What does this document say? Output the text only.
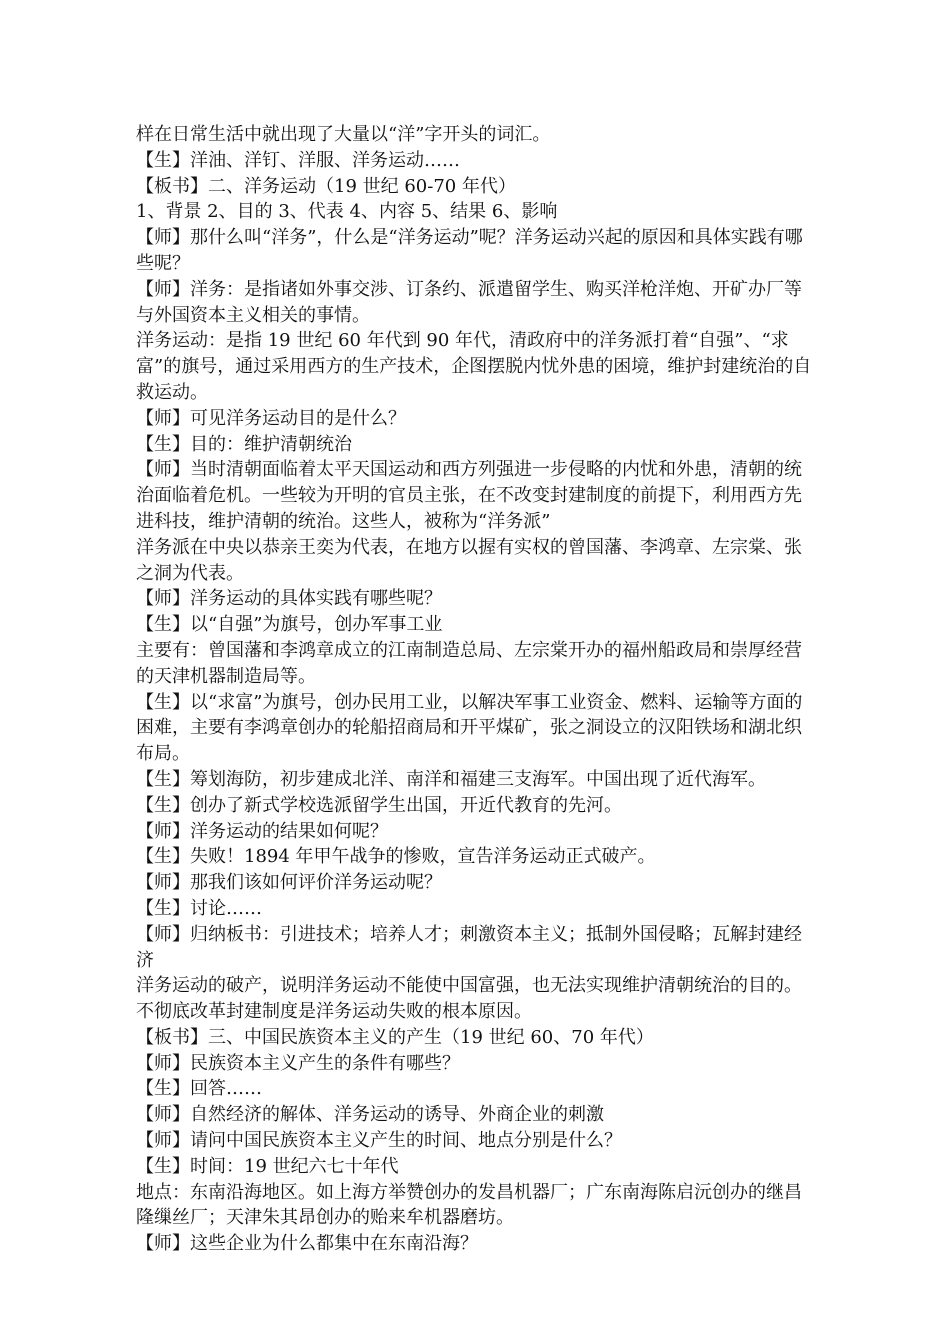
样在日常生活中就出现了大量以“洋”字开头的词汇。

【生】洋油、洋钉、洋服、洋务运动……

【板书】二、洋务运动（19 世纪 60-70 年代）

1、背景 2、目的 3、代表 4、内容 5、结果 6、影响

【师】那什么叫“洋务”，什么是“洋务运动”呢？洋务运动兴起的原因和具体实践有哪些呢？

【师】洋务：是指诸如外事交涉、订条约、派遣留学生、购买洋枪洋炮、开矿办厂等与外国资本主义相关的事情。

洋务运动：是指 19 世纪 60 年代到 90 年代，清政府中的洋务派打着“自强”、“求富”的旗号，通过采用西方的生产技术，企图摆脱内忧外患的困境，维护封建统治的自救运动。

【师】可见洋务运动目的是什么？

【生】目的：维护清朝统治

【师】当时清朝面临着太平天国运动和西方列强进一步侵略的内忧和外患，清朝的统治面临着危机。一些较为开明的官员主张，在不改变封建制度的前提下，利用西方先进科技，维护清朝的统治。这些人，被称为“洋务派”

洋务派在中央以恭亲王奕为代表，在地方以握有实权的曾国藩、李鸿章、左宗棠、张之洞为代表。

【师】洋务运动的具体实践有哪些呢？

【生】以“自强”为旗号，创办军事工业

主要有：曾国藩和李鸿章成立的江南制造总局、左宗棠开办的福州船政局和崇厚经营的天津机器制造局等。

【生】以“求富”为旗号，创办民用工业，以解决军事工业资金、燃料、运输等方面的困难，主要有李鸿章创办的轮船招商局和开平煤矿，张之洞设立的汉阳铁场和湖北织布局。

【生】筹划海防，初步建成北洋、南洋和福建三支海军。中国出现了近代海军。

【生】创办了新式学校选派留学生出国，开近代教育的先河。

【师】洋务运动的结果如何呢？

【生】失败！1894 年甲午战争的惨败，宣告洋务运动正式破产。

【师】那我们该如何评价洋务运动呢？

【生】讨论……

【师】归纳板书：引进技术；培养人才；刺激资本主义；抵制外国侵略；瓦解封建经济

洋务运动的破产，说明洋务运动不能使中国富强，也无法实现维护清朝统治的目的。不彻底改革封建制度是洋务运动失败的根本原因。

【板书】三、中国民族资本主义的产生（19 世纪 60、70 年代）

【师】民族资本主义产生的条件有哪些？

【生】回答……

【师】自然经济的解体、洋务运动的诱导、外商企业的刺激

【师】请问中国民族资本主义产生的时间、地点分别是什么？

【生】时间：19 世纪六七十年代

地点：东南沿海地区。如上海方举赞创办的发昌机器厂；广东南海陈启沅创办的继昌隆缫丝厂；天津朱其昂创办的贻来牟机器磨坊。

【师】这些企业为什么都集中在东南沿海？
